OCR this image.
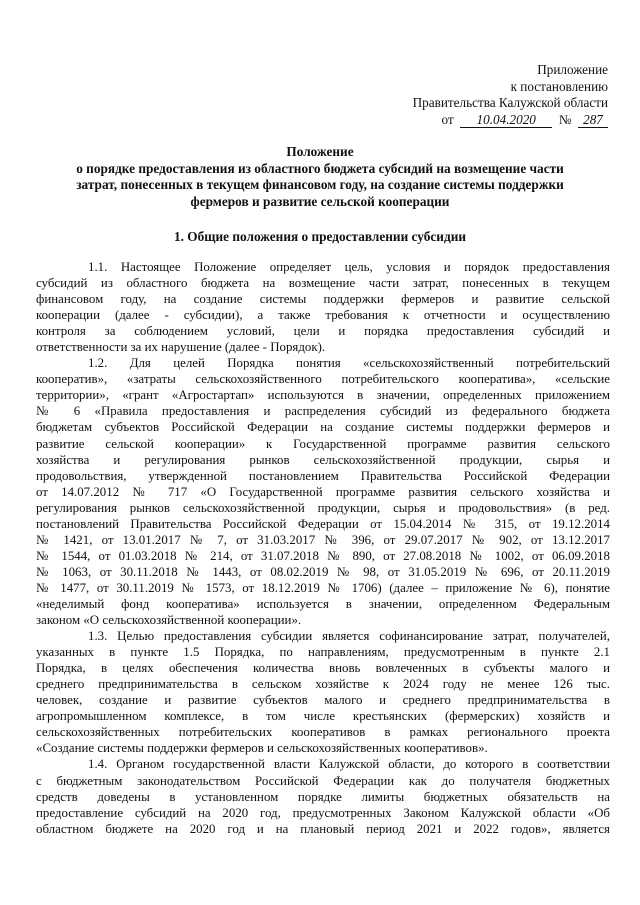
Приложение
к постановлению
Правительства Калужской области
от 10.04.2020 № 287
Положение
о порядке предоставления из областного бюджета субсидий на возмещение части
затрат, понесенных в текущем финансовом году, на создание системы поддержки
фермеров и развитие сельской кооперации
1. Общие положения о предоставлении субсидии
1.1. Настоящее Положение определяет цель, условия и порядок предоставления
субсидий из областного бюджета на возмещение части затрат, понесенных в текущем
финансовом году, на создание системы поддержки фермеров и развитие сельской
кооперации (далее - субсидии), а также требования к отчетности и осуществлению
контроля за соблюдением условий, цели и порядка предоставления субсидий и
ответственности за их нарушение (далее - Порядок).
1.2. Для целей Порядка понятия «сельскохозяйственный потребительский
кооператив», «затраты сельскохозяйственного потребительского кооператива», «сельские
территории», «грант «Агростартап» используются в значении, определенных приложением
№ 6 «Правила предоставления и распределения субсидий из федерального бюджета
бюджетам субъектов Российской Федерации на создание системы поддержки фермеров и
развитие сельской кооперации» к Государственной программе развития сельского
хозяйства и регулирования рынков сельскохозяйственной продукции, сырья и
продовольствия, утвержденной постановлением Правительства Российской Федерации
от 14.07.2012 № 717 «О Государственной программе развития сельского хозяйства и
регулирования рынков сельскохозяйственной продукции, сырья и продовольствия» (в ред.
постановлений Правительства Российской Федерации от 15.04.2014 № 315, от 19.12.2014
№ 1421, от 13.01.2017 № 7, от 31.03.2017 № 396, от 29.07.2017 № 902, от 13.12.2017
№ 1544, от 01.03.2018 № 214, от 31.07.2018 № 890, от 27.08.2018 № 1002, от 06.09.2018
№ 1063, от 30.11.2018 № 1443, от 08.02.2019 № 98, от 31.05.2019 № 696, от 20.11.2019
№ 1477, от 30.11.2019 № 1573, от 18.12.2019 № 1706) (далее – приложение № 6), понятие
«неделимый фонд кооператива» используется в значении, определенном Федеральным
законом «О сельскохозяйственной кооперации».
1.3. Целью предоставления субсидии является софинансирование затрат, получателей,
указанных в пункте 1.5 Порядка, по направлениям, предусмотренным в пункте 2.1
Порядка, в целях обеспечения количества вновь вовлеченных в субъекты малого и
среднего предпринимательства в сельском хозяйстве к 2024 году не менее 126 тыс.
человек, создание и развитие субъектов малого и среднего предпринимательства в
агропромышленном комплексе, в том числе крестьянских (фермерских) хозяйств и
сельскохозяйственных потребительских кооперативов в рамках регионального проекта
«Создание системы поддержки фермеров и сельскохозяйственных кооперативов».
1.4. Органом государственной власти Калужской области, до которого в соответствии
с бюджетным законодательством Российской Федерации как до получателя бюджетных
средств доведены в установленном порядке лимиты бюджетных обязательств на
предоставление субсидий на 2020 год, предусмотренных Законом Калужской области «Об
областном бюджете на 2020 год и на плановый период 2021 и 2022 годов», является
